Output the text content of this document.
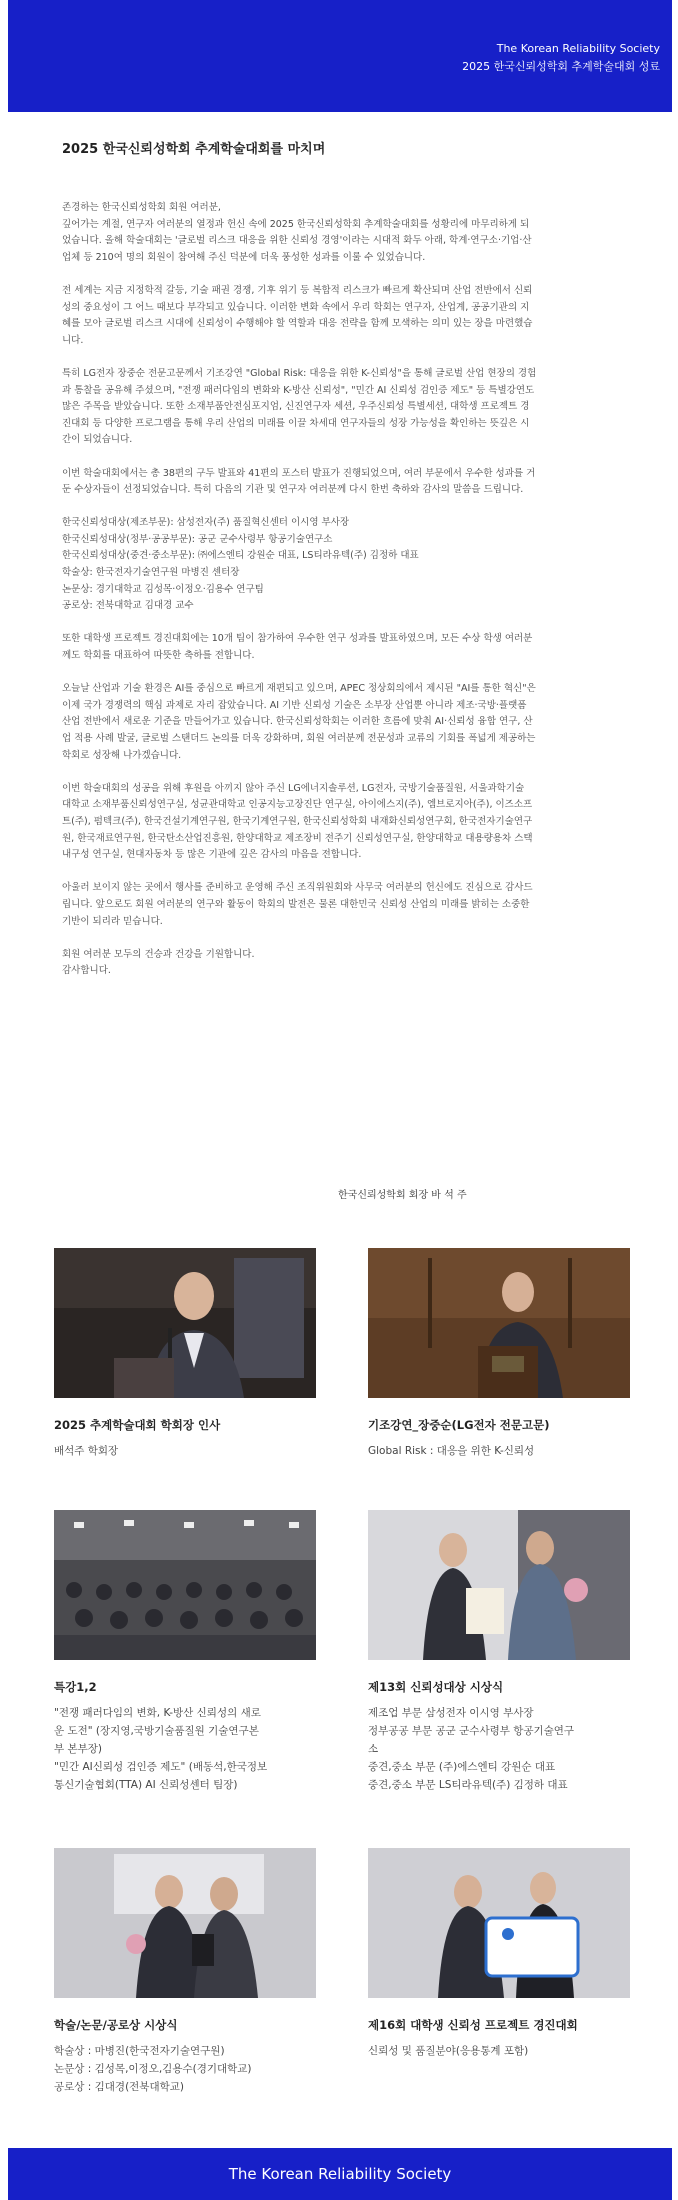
The Korean Reliability Society
2025 한국신뢰성학회 추계학술대회 성료
2025 한국신뢰성학회 추계학술대회를 마치며

존경하는 한국신뢰성학회 회원 여러분,

깊어가는 계절, 연구자 여러분의 열정과 헌신 속에 2025 한국신뢰성학회 추계학술대회를 성황리에 마무리하게 되

었습니다. 올해 학술대회는 '글로벌 리스크 대응을 위한 신뢰성 경영'이라는 시대적 화두 아래, 학계·연구소·기업·산

업체 등 210여 명의 회원이 참여해 주신 덕분에 더욱 풍성한 성과를 이룰 수 있었습니다.

전 세계는 지금 지정학적 갈등, 기술 패권 경쟁, 기후 위기 등 복합적 리스크가 빠르게 확산되며 산업 전반에서 신뢰

성의 중요성이 그 어느 때보다 부각되고 있습니다. 이러한 변화 속에서 우리 학회는 연구자, 산업계, 공공기관의 지

혜를 모아 글로벌 리스크 시대에 신뢰성이 수행해야 할 역할과 대응 전략을 함께 모색하는 의미 있는 장을 마련했습

니다.

특히 LG전자 장중순 전문고문께서 기조강연 "Global Risk: 대응을 위한 K-신뢰성"을 통해 글로벌 산업 현장의 경험

과 통찰을 공유해 주셨으며, "전쟁 패러다임의 변화와 K-방산 신뢰성", "민간 AI 신뢰성 검인증 제도" 등 특별강연도

많은 주목을 받았습니다. 또한 소재부품안전심포지엄, 신진연구자 세션, 우주신뢰성 특별세션, 대학생 프로젝트 경

진대회 등 다양한 프로그램을 통해 우리 산업의 미래를 이끌 차세대 연구자들의 성장 가능성을 확인하는 뜻깊은 시

간이 되었습니다.

이번 학술대회에서는 총 38편의 구두 발표와 41편의 포스터 발표가 진행되었으며, 여러 부문에서 우수한 성과를 거

둔 수상자들이 선정되었습니다. 특히 다음의 기관 및 연구자 여러분께 다시 한번 축하와 감사의 말씀을 드립니다.

한국신뢰성대상(제조부문): 삼성전자(주) 품질혁신센터 이시영 부사장

한국신뢰성대상(정부·공공부문): 공군 군수사령부 항공기술연구소

한국신뢰성대상(중견·중소부문): ㈜에스엔티 강원순 대표, LS티라유텍(주) 김정하 대표

학술상: 한국전자기술연구원 마병진 센터장

논문상: 경기대학교 김성목·이정오·김용수 연구팀

공로상: 전북대학교 김대경 교수

또한 대학생 프로젝트 경진대회에는 10개 팀이 참가하여 우수한 연구 성과를 발표하였으며, 모든 수상 학생 여러분

께도 학회를 대표하여 따뜻한 축하를 전합니다.

오늘날 산업과 기술 환경은 AI를 중심으로 빠르게 재편되고 있으며, APEC 정상회의에서 제시된 "AI를 통한 혁신"은

이제 국가 경쟁력의 핵심 과제로 자리 잡았습니다. AI 기반 신뢰성 기술은 소부장 산업뿐 아니라 제조·국방·플랫폼

산업 전반에서 새로운 기준을 만들어가고 있습니다. 한국신뢰성학회는 이러한 흐름에 맞춰 AI·신뢰성 융합 연구, 산

업 적용 사례 발굴, 글로벌 스탠더드 논의를 더욱 강화하며, 회원 여러분께 전문성과 교류의 기회를 폭넓게 제공하는

학회로 성장해 나가겠습니다.

이번 학술대회의 성공을 위해 후원을 아끼지 않아 주신 LG에너지솔루션, LG전자, 국방기술품질원, 서울과학기술

대학교 소재부품신뢰성연구실, 성균관대학교 인공지능고장진단 연구실, 아이에스지(주), 엠브로지아(주), 이즈소프

트(주), 펌텍크(주), 한국건설기계연구원, 한국기계연구원, 한국신뢰성학회 내재화신뢰성연구회, 한국전자기술연구

원, 한국재료연구원, 한국탄소산업진흥원, 한양대학교 제조장비 전주기 신뢰성연구실, 한양대학교 대용량용차 스택

내구성 연구실, 현대자동차 등 많은 기관에 깊은 감사의 마음을 전합니다.

아울러 보이지 않는 곳에서 행사를 준비하고 운영해 주신 조직위원회와 사무국 여러분의 헌신에도 진심으로 감사드

립니다. 앞으로도 회원 여러분의 연구와 활동이 학회의 발전은 물론 대한민국 신뢰성 산업의 미래를 밝히는 소중한

기반이 되리라 믿습니다.

회원 여러분 모두의 건승과 건강을 기원합니다.

감사합니다.

한국신뢰성학회 회장 바 석 주
2025 추계학술대회 학회장 인사

배석주 학회장

기조강연_장중순(LG전자 전문고문)

Global Risk : 대응을 위한 K-신뢰성

특강1,2

"전쟁 패러다임의 변화, K-방산 신뢰성의 새로

운 도전" (장지영,국방기술품질원 기술연구본

부 본부장)

"민간 AI신뢰성 검인증 제도" (배동석,한국정보

통신기술협회(TTA) AI 신뢰성센터 팀장)

제13회 신뢰성대상 시상식

제조업 부문 삼성전자 이시영 부사장

정부공공 부문 공군 군수사령부 항공기술연구

소

중견,중소 부문 (주)에스엔티 강원순 대표

중견,중소 부문 LS티라유텍(주) 김정하 대표

학술/논문/공로상 시상식

학술상 : 마병진(한국전자기술연구원)

논문상 : 김성목,이정오,김용수(경기대학교)

공로상 : 김대경(전북대학교)

제16회 대학생 신뢰성 프로젝트 경진대회

신뢰성 및 품질분야(응용통계 포함)

The Korean Reliability Society
